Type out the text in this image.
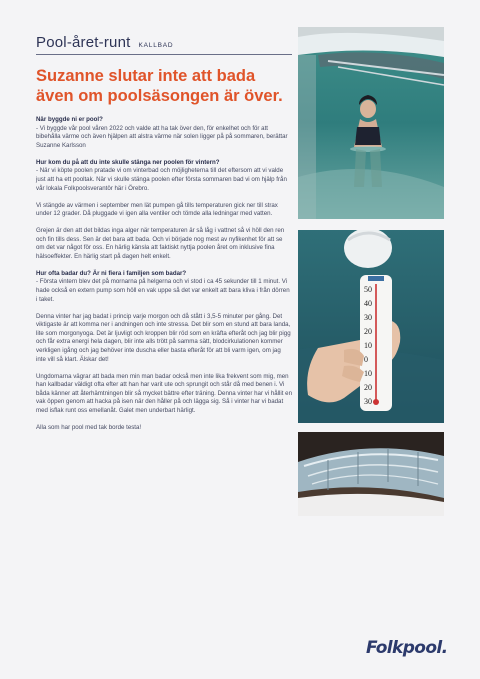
Pool-året-runt KALLBAD
Suzanne slutar inte att bada även om poolsäsongen är över.

När byggde ni er pool?
- Vi byggde vår pool våren 2022 och valde att ha tak över den, för enkelhet och för att bibehålla värme och även hjälpen att alstra värme när solen ligger på på sommaren, berättar Suzanne Karlsson

Hur kom du på att du inte skulle stänga ner poolen för vintern?
- När vi köpte poolen pratade vi om vinterbad och möjligheterna till det eftersom att vi valde just att ha ett pooltak. När vi skulle stänga poolen efter första sommaren bad vi om hjälp från vår lokala Folkpoolsverantör här i Örebro.

Vi stängde av värmen i september men lät pumpen gå tills temperaturen gick ner till strax under 12 grader. Då pluggade vi igen alla ventiler och tömde alla ledningar med vatten.

Grejen är den att det bildas inga alger när temperaturen är så låg i vattnet så vi höll den ren och fin tills dess. Sen är det bara att bada. Och vi började nog mest av nyfikenhet för att se om det var något för oss. En härlig känsla att faktiskt nyttja poolen året om inklusive fina hälsoeffekter. En härlig start på dagen helt enkelt.

Hur ofta badar du? Är ni fiera i familjen som badar?
- Första vintern blev det på mornarna på helgerna och vi stod i ca 45 sekunder till 1 minut. Vi hade också en extern pump som höll en vak uppe så det var enkelt att bara kliva i från dörren i taket.

Denna vinter har jag badat i princip varje morgon och då stått i 3,5-5 minuter per gång. Det viktigaste är att komma ner i andningen och inte stressa. Det blir som en stund att bara landa, lite som morgonyoga. Det är ljuvligt och kroppen blir röd som en kräfta efteråt och jag blir pigg och får extra energi hela dagen, blir inte alls trött på samma sätt, blodcirkulationen kommer verkligen igång och jag behöver inte duscha eller basta efteråt för att bli varm igen, om jag inte vill så klart. Älskar det!

Ungdomarna vägrar att bada men min man badar också men inte lika frekvent som mig, men han kallbadar väldigt ofta efter att han har varit ute och sprungit och står då med benen i. Vi båda känner att återhämtningen blir så mycket bättre efter träning. Denna vinter har vi hållit en vak öppen genom att hacka på isen när den håller på och lägga sig. Så i vinter har vi badat med isflak runt oss emellanåt. Galet men underbart härligt.

Alla som har pool med tak borde testa!

50
40
30
20
10
0
10
20
30
Folkpool.
